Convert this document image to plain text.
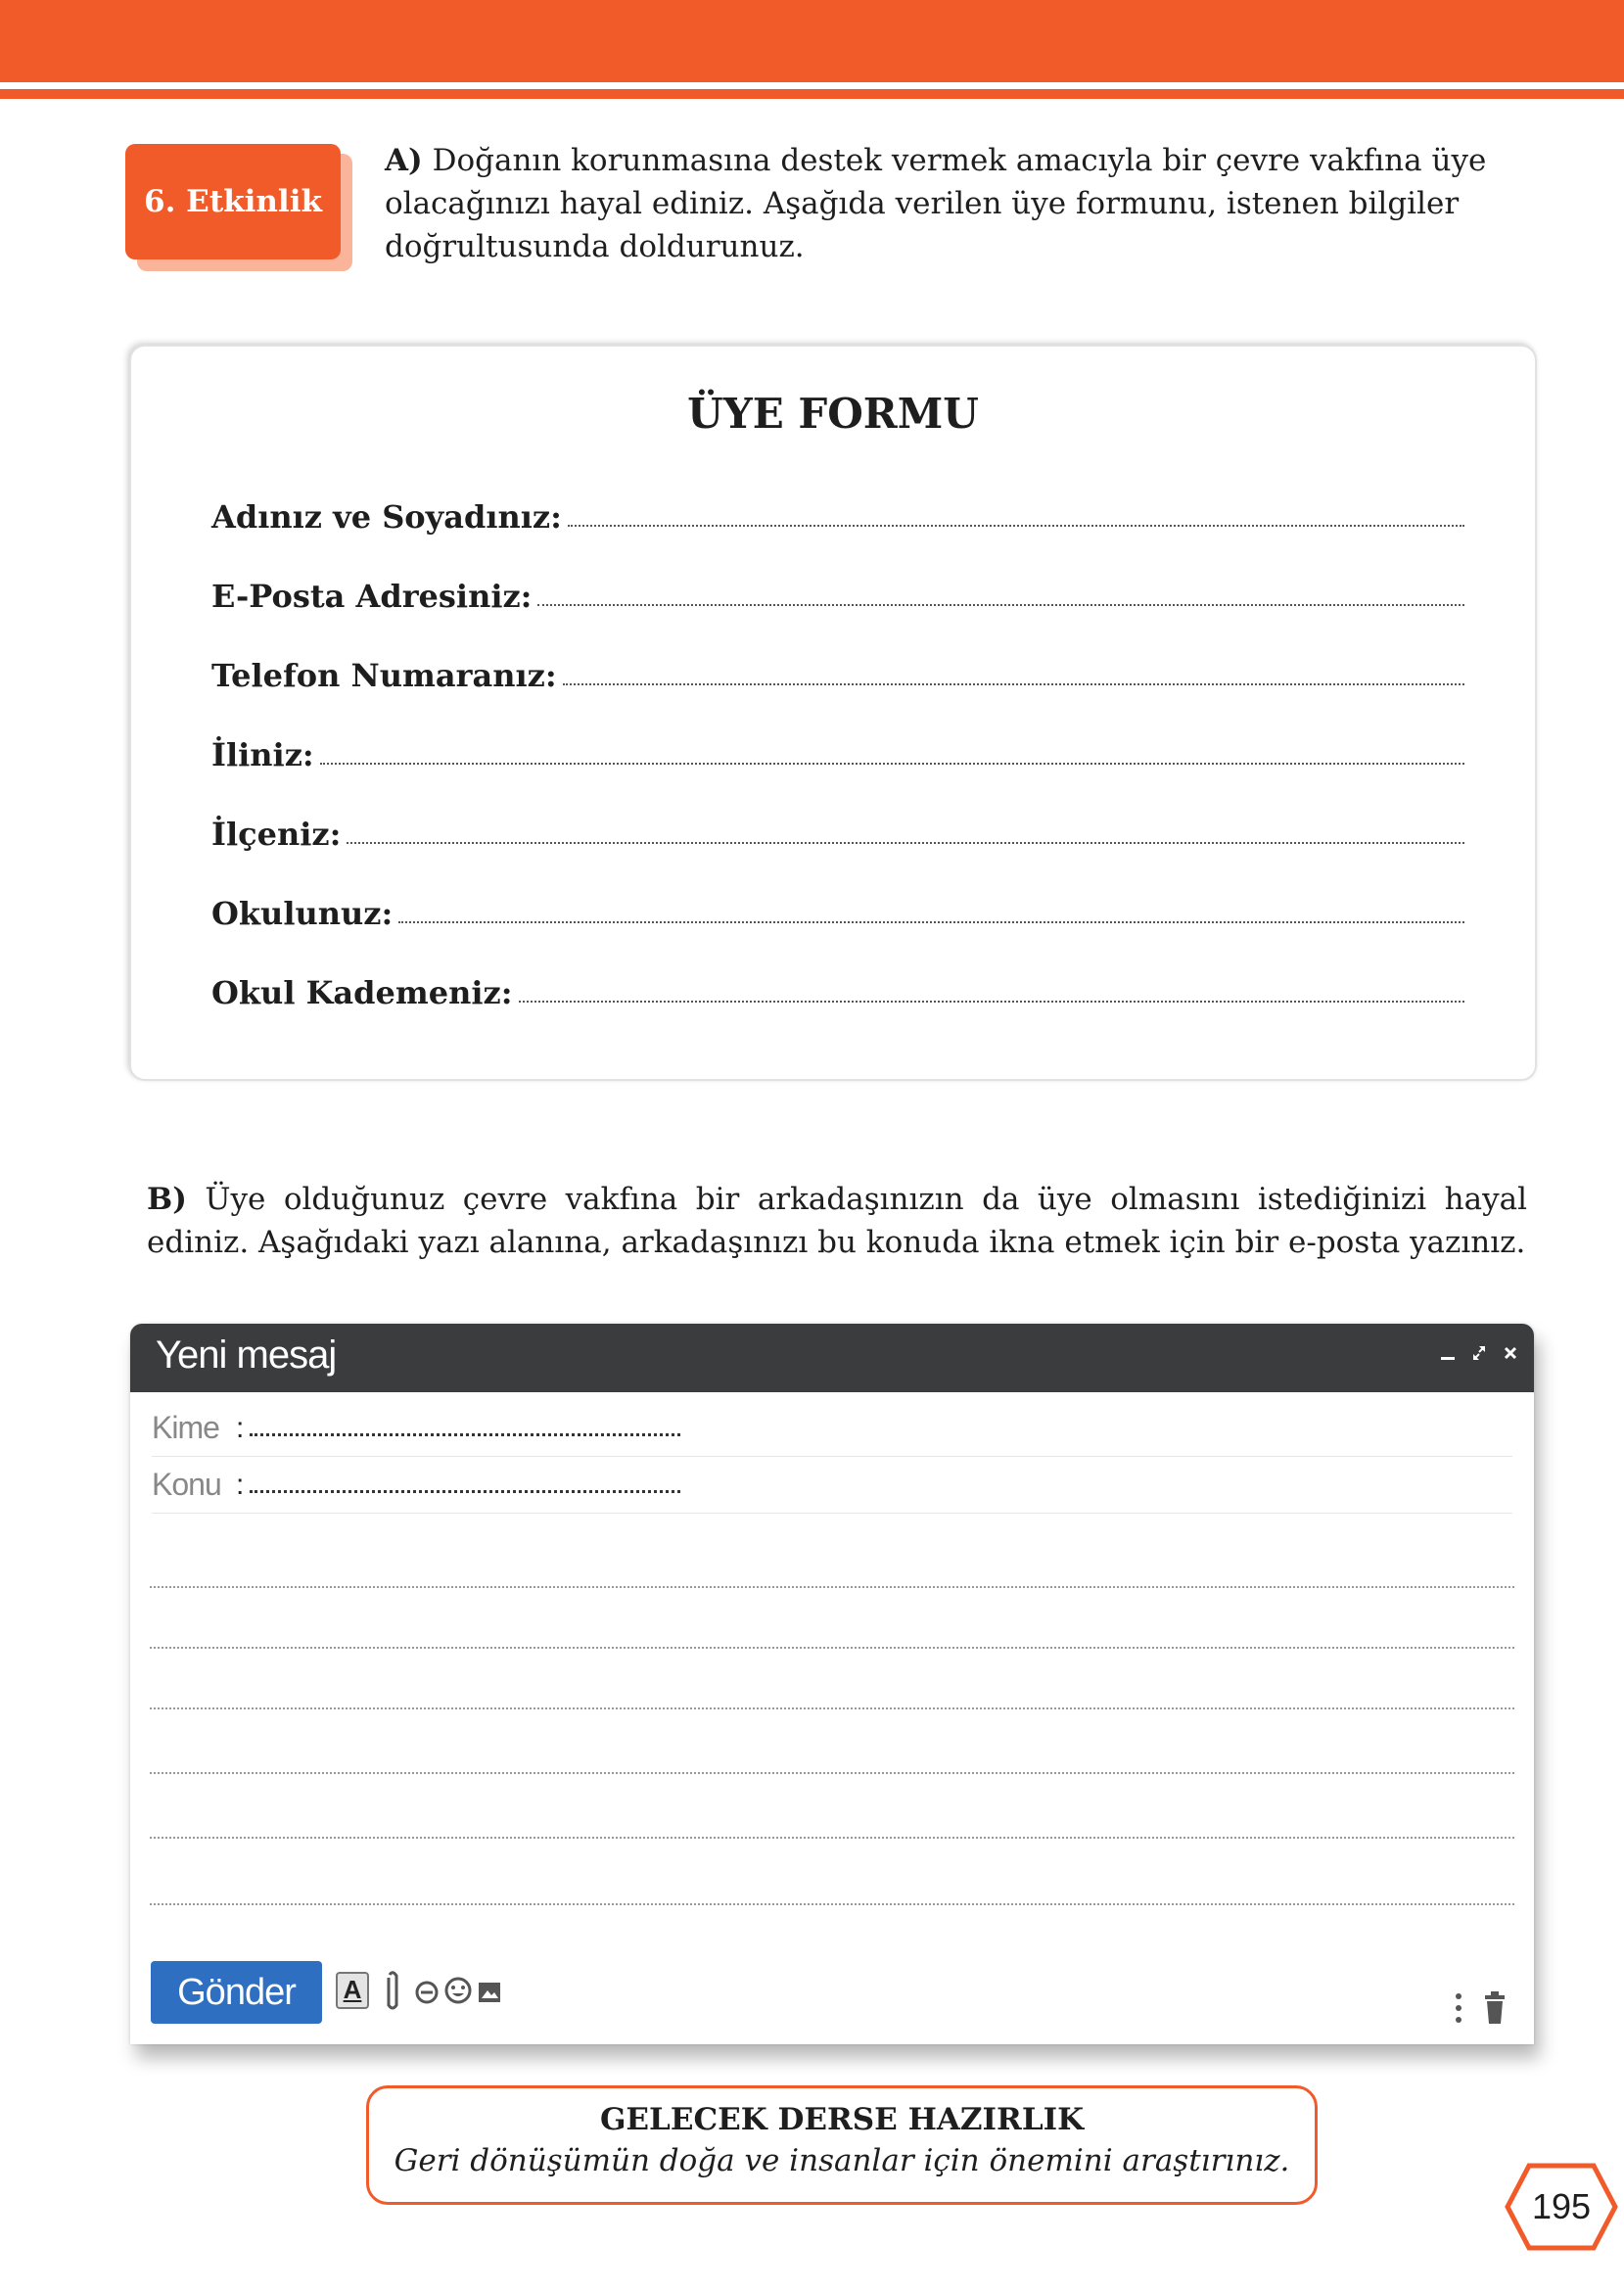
6. Etkinlik

A) Doğanın korunmasına destek vermek amacıyla bir çevre vakfına üye olacağınızı hayal ediniz. Aşağıda verilen üye formunu, istenen bilgiler doğrultusunda doldurunuz.

ÜYE FORMU
Adınız ve Soyadınız:
E-Posta Adresiniz:
Telefon Numaranız:
İliniz:
İlçeniz:
Okulunuz:
Okul Kademeniz:

B) Üye olduğunuz çevre vakfına bir arkadaşınızın da üye olmasını istediğinizi hayal ediniz. Aşağıdaki yazı alanına, arkadaşınızı bu konuda ikna etmek için bir e-posta yazınız.

Yeni mesaj
Kime :
Konu :
Gönder	A
GELECEK DERSE HAZIRLIK
Geri dönüşümün doğa ve insanlar için önemini araştırınız.
195
